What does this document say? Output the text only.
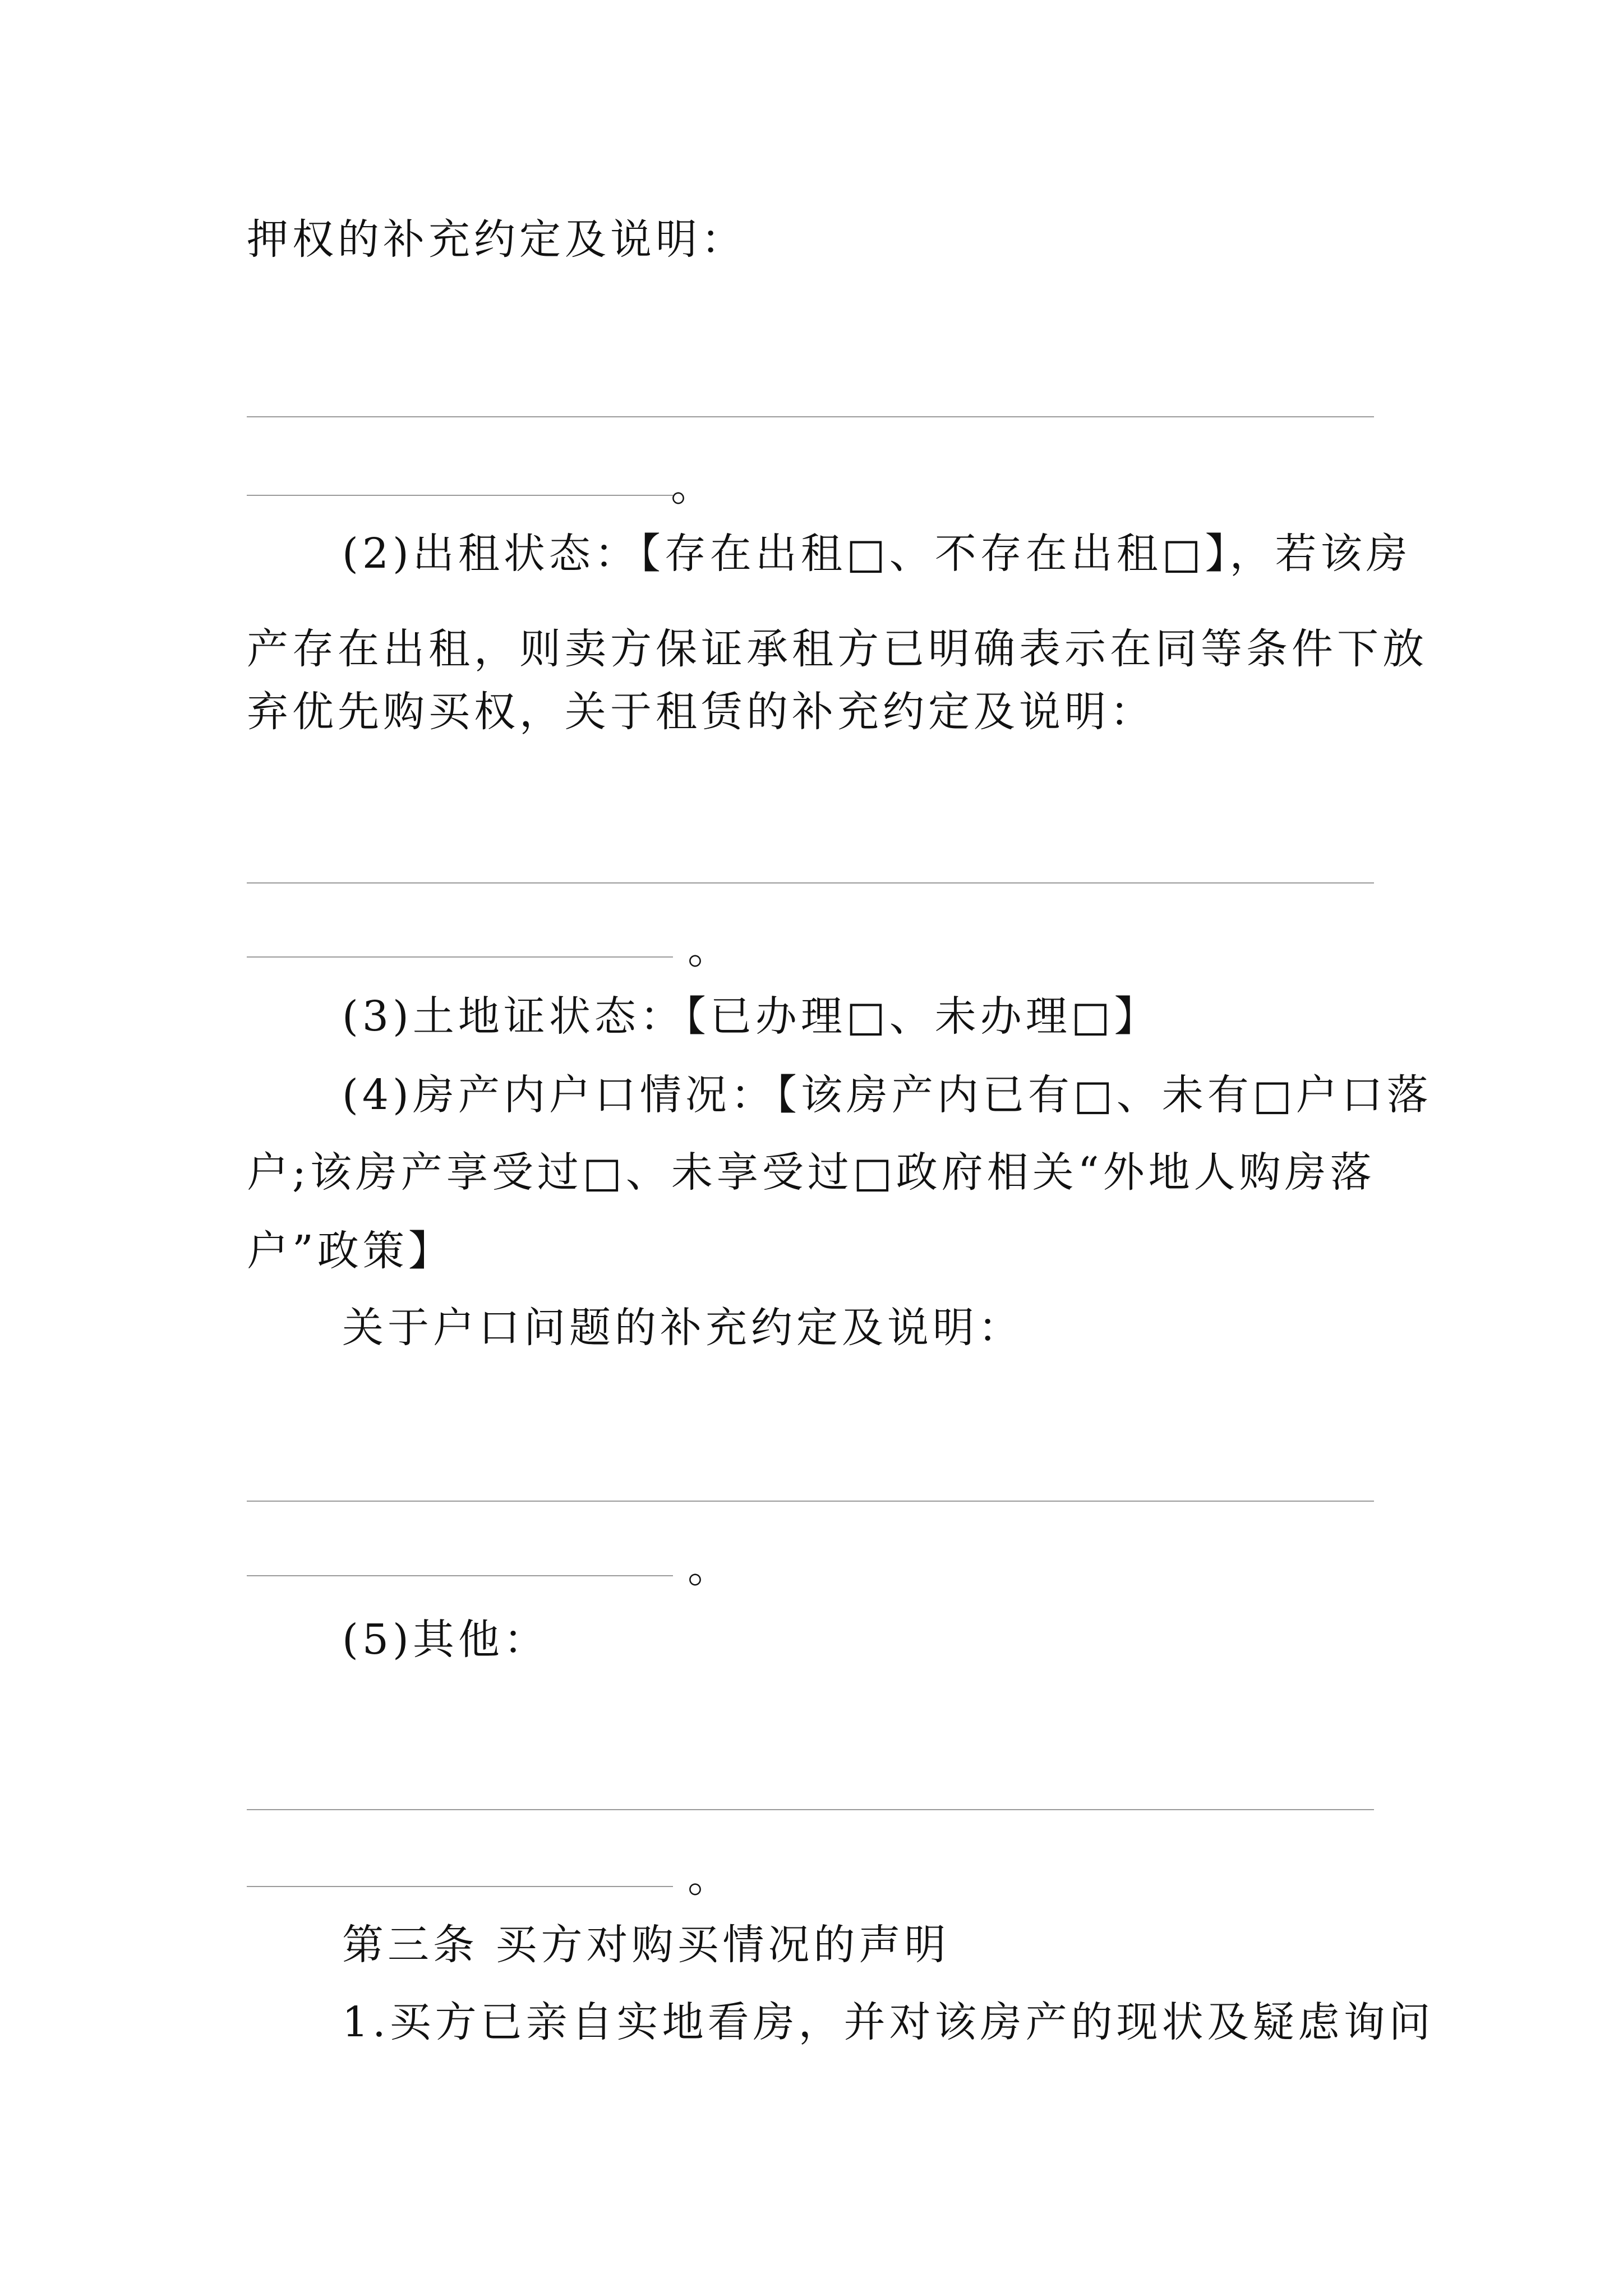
押权的补充约定及说明：
。
(2)出租状态：【存在出租□、不存在出租□】，若该房
产存在出租，则卖方保证承租方已明确表示在同等条件下放
弃优先购买权，关于租赁的补充约定及说明：
。
(3)土地证状态：【已办理□、未办理□】
(4)房产内户口情况：【该房产内已有□、未有□户口落
户;该房产享受过□、未享受过□政府相关“外地人购房落
户”政策】
关于户口问题的补充约定及说明：
。
(5)其他：
。
第三条 买方对购买情况的声明
1.买方已亲自实地看房，并对该房产的现状及疑虑询问
